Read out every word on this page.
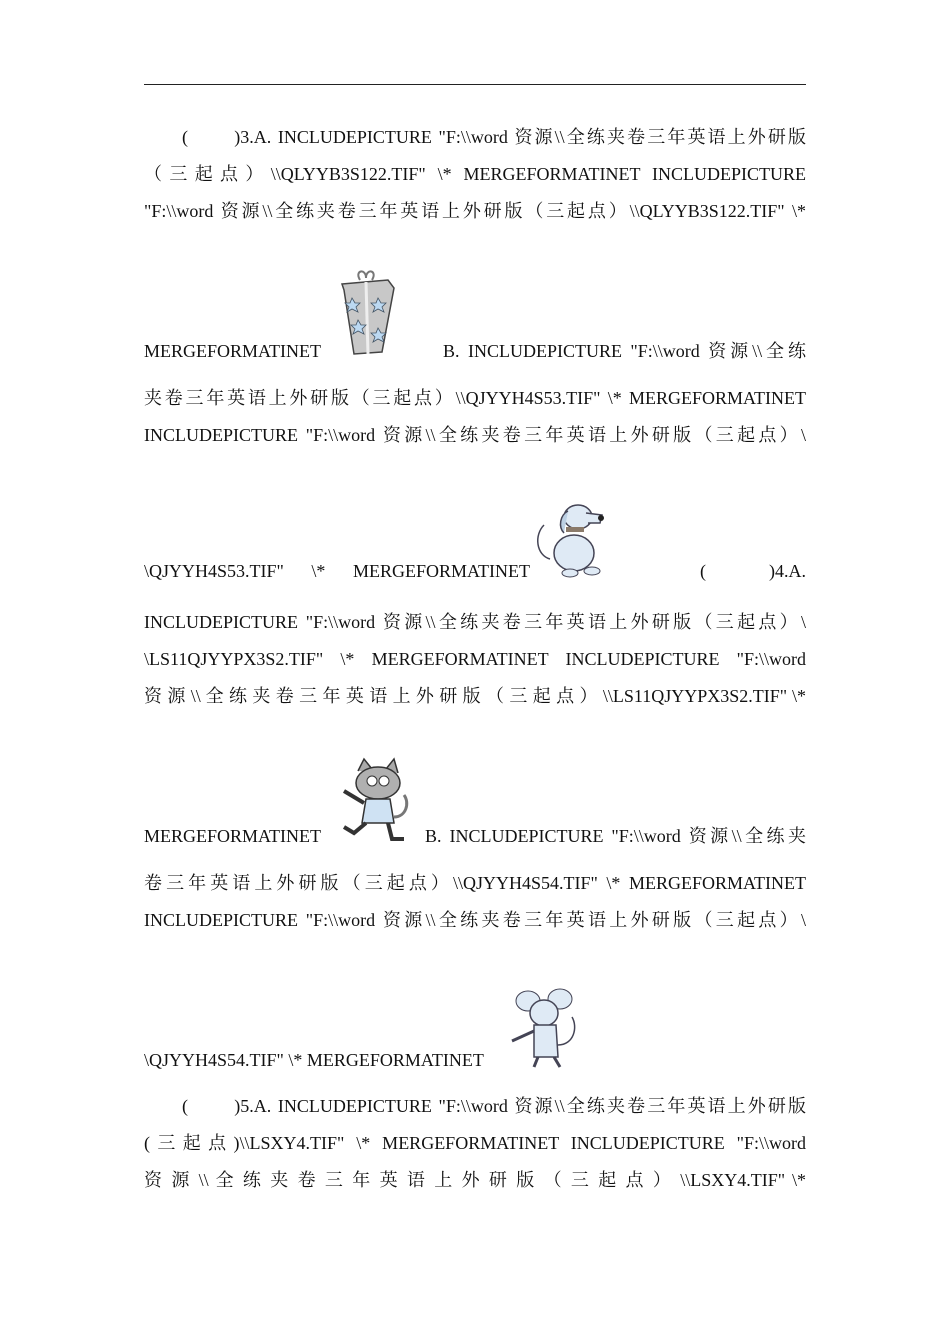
(       )3.A. INCLUDEPICTURE "F:\\word 资源\\全练夹卷三年英语上外研版
（三起点）\\QLYYB3S122.TIF" \* MERGEFORMATINET INCLUDEPICTURE
"F:\\word 资源\\全练夹卷三年英语上外研版（三起点）\\QLYYB3S122.TIF" \*
MERGEFORMATINET	B. INCLUDEPICTURE "F:\\word 资源\\全练
夹卷三年英语上外研版（三起点）\\QJYYH4S53.TIF" \* MERGEFORMATINET
INCLUDEPICTURE "F:\\word 资源\\全练夹卷三年英语上外研版（三起点）\
\QJYYH4S53.TIF" \* MERGEFORMATINET	(	)4.A.
INCLUDEPICTURE "F:\\word 资源\\全练夹卷三年英语上外研版（三起点）\
\LS11QJYYPX3S2.TIF" \* MERGEFORMATINET INCLUDEPICTURE "F:\\word
资 源 \\ 全 练 夹 卷 三 年 英 语 上 外 研 版 （ 三 起 点 ） \\LS11QJYYPX3S2.TIF" \*
MERGEFORMATINET	B. INCLUDEPICTURE "F:\\word 资源\\全练夹
卷三年英语上外研版（三起点）\\QJYYH4S54.TIF" \* MERGEFORMATINET
INCLUDEPICTURE "F:\\word 资源\\全练夹卷三年英语上外研版（三起点）\
\QJYYH4S54.TIF" \* MERGEFORMATINET
(       )5.A. INCLUDEPICTURE "F:\\word 资源\\全练夹卷三年英语上外研版
(三起点)\\LSXY4.TIF" \* MERGEFORMATINET INCLUDEPICTURE "F:\\word
资 源 \\ 全 练 夹 卷 三 年 英 语 上 外 研 版 （ 三 起 点 ） \\LSXY4.TIF" \*
